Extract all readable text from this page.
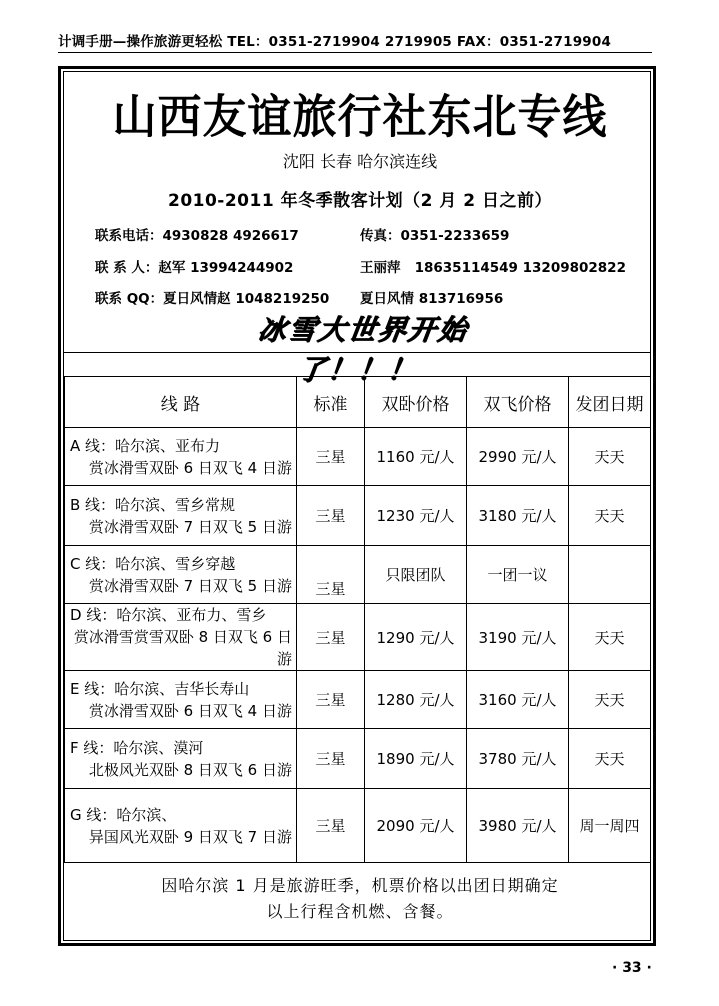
计调手册—操作旅游更轻松 TEL：0351-2719904 2719905 FAX：0351-2719904
山西友谊旅行社东北专线
沈阳 长春 哈尔滨连线
2010-2011 年冬季散客计划（2 月 2 日之前）
联系电话：4930828 4926617	传真：0351-2233659
联 系 人：赵军 13994244902	王丽萍 18635114549 13209802822
联系 QQ：夏日风情赵 1048219250 夏日风情 813716956
冰雪大世界开始了！！！
线 路	标准	双卧价格	双飞价格	发团日期

A 线：哈尔滨、亚布力
赏冰滑雪双卧 6 日双飞 4 日游	三星	1160 元/人	2990 元/人	天天

B 线：哈尔滨、雪乡常规
赏冰滑雪双卧 7 日双飞 5 日游	三星	1230 元/人	3180 元/人	天天

C 线：哈尔滨、雪乡穿越
赏冰滑雪双卧 7 日双飞 5 日游	三星	只限团队	一团一议	

D 线：哈尔滨、亚布力、雪乡
赏冰滑雪赏雪双卧 8 日双飞 6 日游	三星	1290 元/人	3190 元/人	天天

E 线：哈尔滨、吉华长寿山
赏冰滑雪双卧 6 日双飞 4 日游	三星	1280 元/人	3160 元/人	天天

F 线：哈尔滨、漠河
北极风光双卧 8 日双飞 6 日游	三星	1890 元/人	3780 元/人	天天

G 线：哈尔滨、
异国风光双卧 9 日双飞 7 日游	三星	2090 元/人	3980 元/人	周一周四
因哈尔滨 1 月是旅游旺季，机票价格以出团日期确定
以上行程含机燃、含餐。
· 33 ·
